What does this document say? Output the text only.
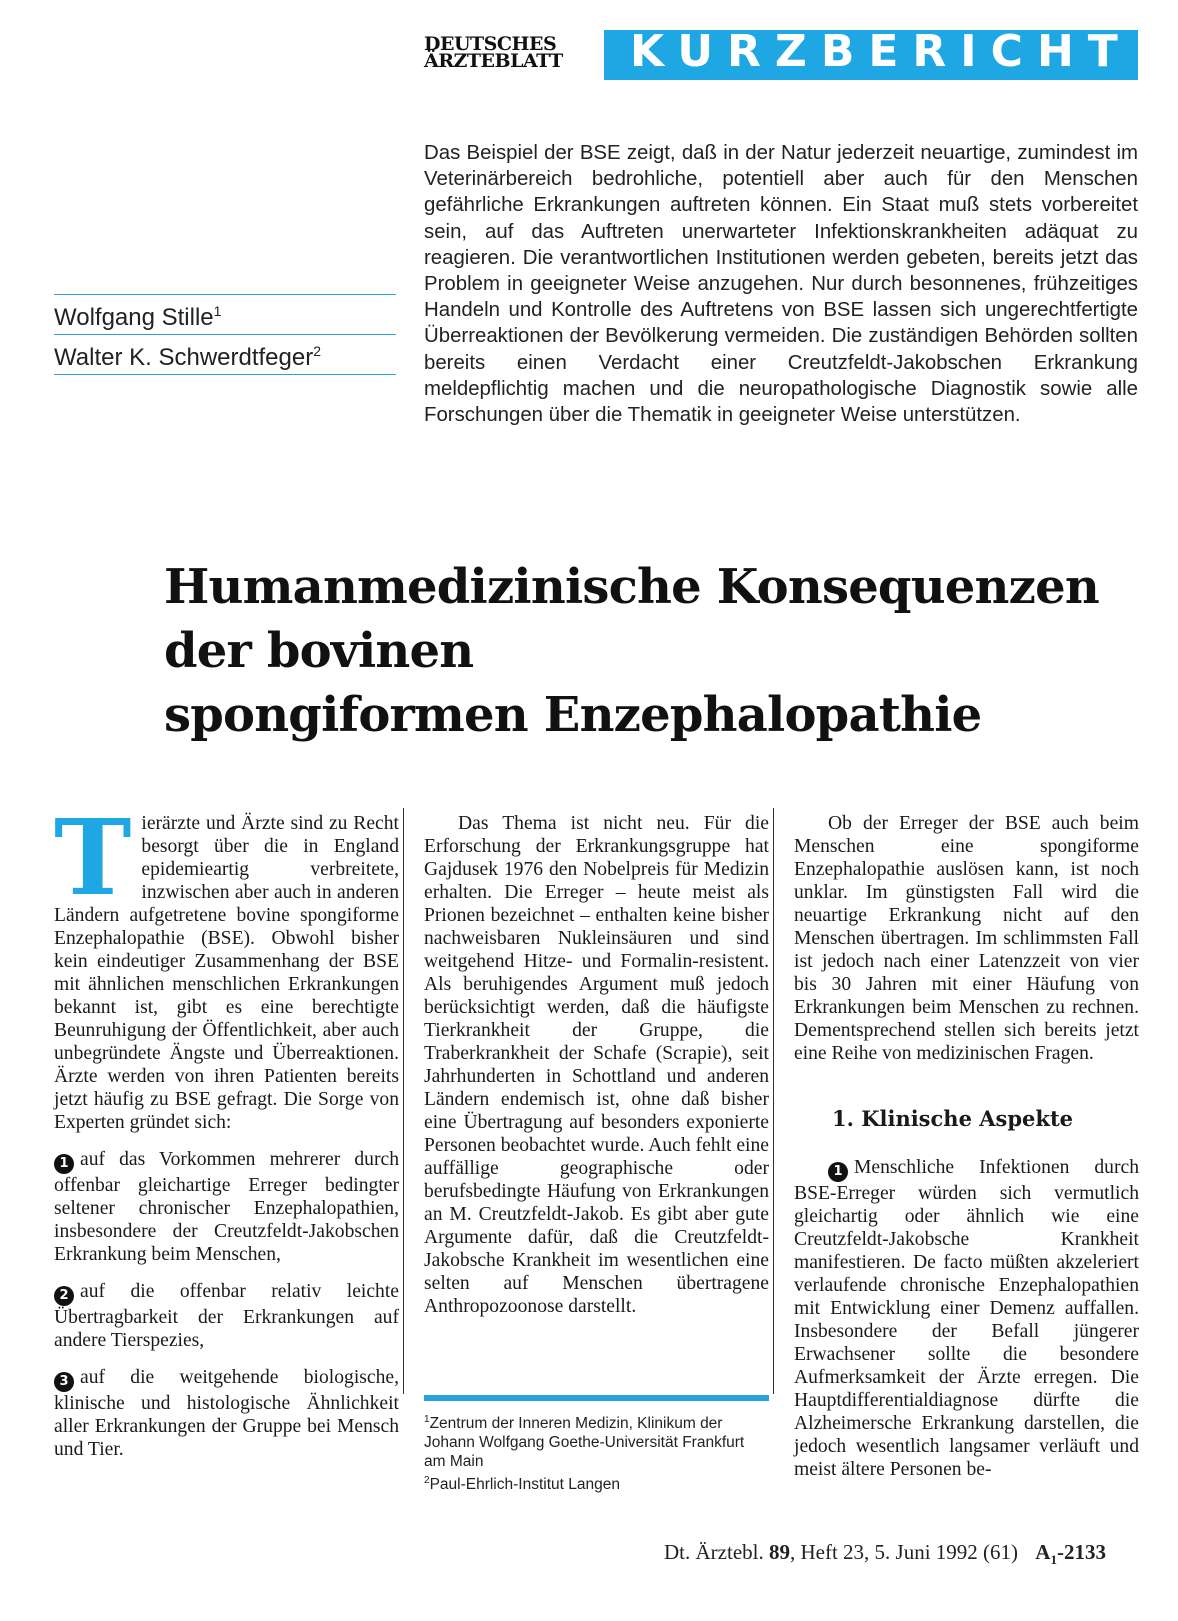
DEUTSCHES
ÄRZTEBLATT	KURZBERICHT
Wolfgang Stille$^1$
Walter K. Schwerdtfeger$^2$
Das Beispiel der BSE zeigt, daß in der Natur jederzeit neuartige, zumindest im Veterinärbereich bedrohliche, potentiell aber auch für den Menschen gefährliche Erkrankungen auftreten können. Ein Staat muß stets vorbereitet sein, auf das Auftreten unerwarteter Infektionskrankheiten adäquat zu reagieren. Die verantwortlichen Institutionen werden gebeten, bereits jetzt das Problem in geeigneter Weise anzugehen. Nur durch besonnenes, frühzeitiges Handeln und Kontrolle des Auftretens von BSE lassen sich ungerechtfertigte Überreaktionen der Bevölkerung vermeiden. Die zuständigen Behörden sollten bereits einen Verdacht einer Creutzfeldt-Jakobschen Erkrankung meldepflichtig machen und die neuropathologische Diagnostik sowie alle Forschungen über die Thematik in geeigneter Weise unterstützen.
Humanmedizinische Konsequenzen
der bovinen
spongiformen Enzephalopathie

Tierärzte und Ärzte sind zu Recht besorgt über die in England epidemieartig verbreitete, inzwischen aber auch in anderen Ländern aufgetretene bovine spongiforme Enzephalopathie (BSE). Obwohl bisher kein eindeutiger Zusammenhang der BSE mit ähnlichen menschlichen Erkrankungen bekannt ist, gibt es eine berechtigte Beunruhigung der Öffentlichkeit, aber auch unbegründete Ängste und Überreaktionen. Ärzte werden von ihren Patienten bereits jetzt häufig zu BSE gefragt. Die Sorge von Experten gründet sich:

1 auf das Vorkommen mehrerer durch offenbar gleichartige Erreger bedingter seltener chronischer Enzephalopathien, insbesondere der Creutzfeldt-Jakobschen Erkrankung beim Menschen,

2 auf die offenbar relativ leichte Übertragbarkeit der Erkrankungen auf andere Tierspezies,

3 auf die weitgehende biologische, klinische und histologische Ähnlichkeit aller Erkrankungen der Gruppe bei Mensch und Tier.

Das Thema ist nicht neu. Für die Erforschung der Erkrankungsgruppe hat Gajdusek 1976 den Nobelpreis für Medizin erhalten. Die Erreger – heute meist als Prionen bezeichnet – enthalten keine bisher nachweisbaren Nukleinsäuren und sind weitgehend Hitze- und Formalin-resistent. Als beruhigendes Argument muß jedoch berücksichtigt werden, daß die häufigste Tierkrankheit der Gruppe, die Traberkrankheit der Schafe (Scrapie), seit Jahrhunderten in Schottland und anderen Ländern endemisch ist, ohne daß bisher eine Übertragung auf besonders exponierte Personen beobachtet wurde. Auch fehlt eine auffällige geographische oder berufsbedingte Häufung von Erkrankungen an M. Creutzfeldt-Jakob. Es gibt aber gute Argumente dafür, daß die Creutzfeldt-Jakobsche Krankheit im wesentlichen eine selten auf Menschen übertragene Anthropozoonose darstellt.

$^1$Zentrum der Inneren Medizin, Klinikum der Johann Wolfgang Goethe-Universität Frankfurt am Main
$^2$Paul-Ehrlich-Institut Langen

Ob der Erreger der BSE auch beim Menschen eine spongiforme Enzephalopathie auslösen kann, ist noch unklar. Im günstigsten Fall wird die neuartige Erkrankung nicht auf den Menschen übertragen. Im schlimmsten Fall ist jedoch nach einer Latenzzeit von vier bis 30 Jahren mit einer Häufung von Erkrankungen beim Menschen zu rechnen. Dementsprechend stellen sich bereits jetzt eine Reihe von medizinischen Fragen.

1. Klinische Aspekte

1 Menschliche Infektionen durch BSE-Erreger würden sich vermutlich gleichartig oder ähnlich wie eine Creutzfeldt-Jakobsche Krankheit manifestieren. De facto müßten akzeleriert verlaufende chronische Enzephalopathien mit Entwicklung einer Demenz auffallen. Insbesondere der Befall jüngerer Erwachsener sollte die besondere Aufmerksamkeit der Ärzte erregen. Die Hauptdifferentialdiagnose dürfte die Alzheimersche Erkrankung darstellen, die jedoch wesentlich langsamer verläuft und meist ältere Personen be-

Dt. Ärztebl. 89, Heft 23, 5. Juni 1992 (61) $A_1-2133$
